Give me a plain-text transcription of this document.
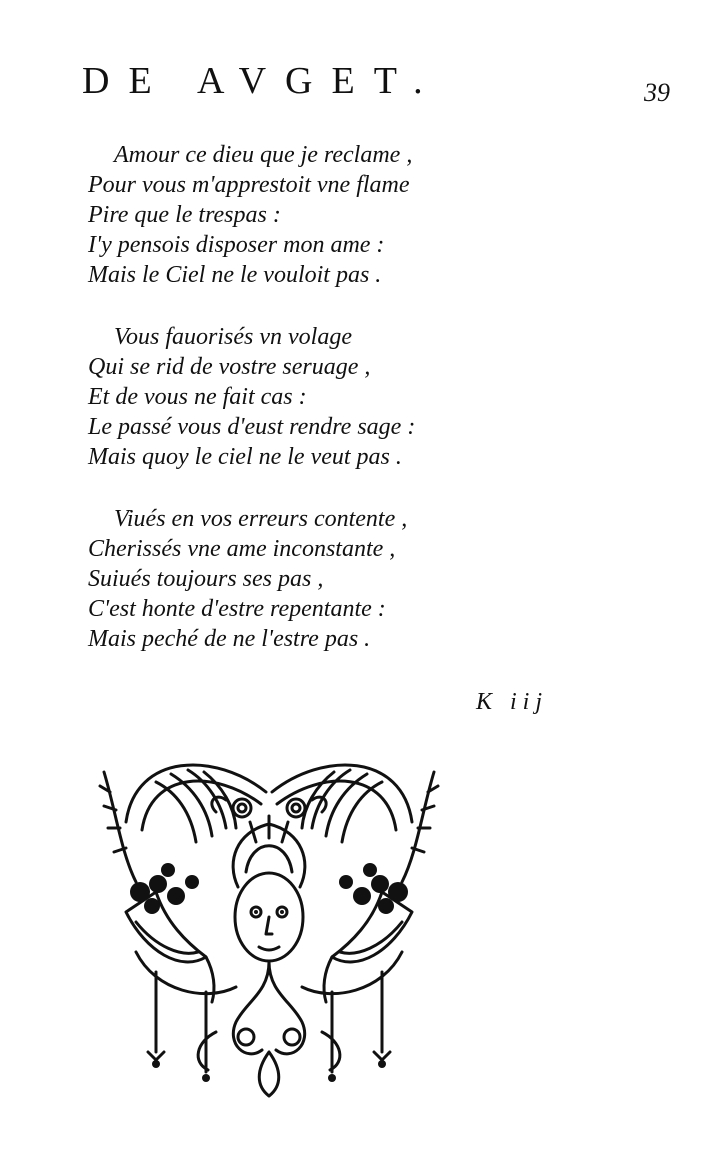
DE AVGET.	39
Amour ce dieu que je reclame ,
Pour vous m'apprestoit vne flame
Pire que le trespas :
I'y pensois disposer mon ame :
Mais le Ciel ne le vouloit pas .
Vous fauorisés vn volage
Qui se rid de vostre seruage ,
Et de vous ne fait cas :
Le passé vous d'eust rendre sage :
Mais quoy le ciel ne le veut pas .
Viués en vos erreurs contente ,
Cherissés vne ame inconstante ,
Suiués toujours ses pas ,
C'est honte d'estre repentante :
Mais peché de ne l'estre pas .
K iij
